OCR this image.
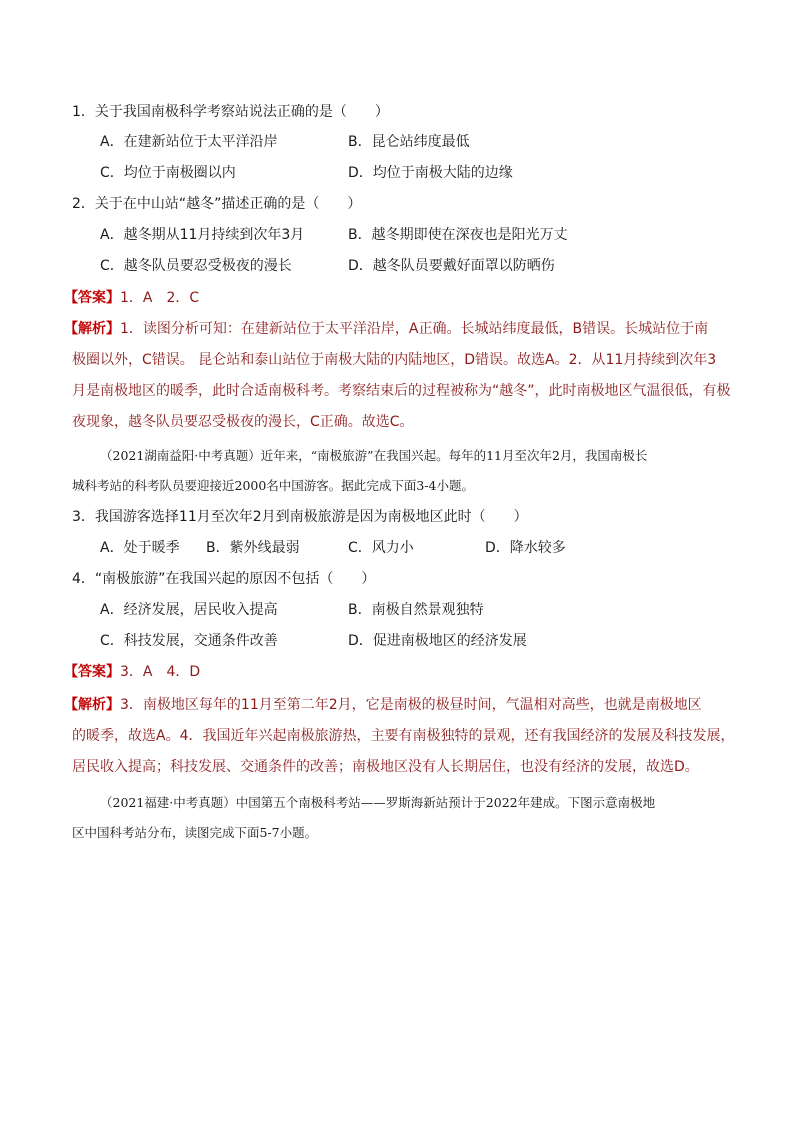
1．关于我国南极科学考察站说法正确的是（　　）
A．在建新站位于太平洋沿岸	B．昆仑站纬度最低
C．均位于南极圈以内	D．均位于南极大陆的边缘
2．关于在中山站“越冬”描述正确的是（　　）
A．越冬期从11月持续到次年3月	B．越冬期即使在深夜也是阳光万丈
C．越冬队员要忍受极夜的漫长	D．越冬队员要戴好面罩以防晒伤
【答案】1．A　2．C
【解析】1．读图分析可知：在建新站位于太平洋沿岸，A正确。长城站纬度最低，B错误。长城站位于南
极圈以外，C错误。 昆仑站和泰山站位于南极大陆的内陆地区，D错误。故选A。2．从11月持续到次年3
月是南极地区的暖季，此时合适南极科考。考察结束后的过程被称为“越冬”，此时南极地区气温很低，有极
夜现象，越冬队员要忍受极夜的漫长，C正确。故选C。
（2021湖南益阳·中考真题）近年来，“南极旅游”在我国兴起。每年的11月至次年2月，我国南极长
城科考站的科考队员要迎接近2000名中国游客。据此完成下面3-4小题。
3．我国游客选择11月至次年2月到南极旅游是因为南极地区此时（　　）
A．处于暖季 B．紫外线最弱	C．风力小	D．降水较多
4．“南极旅游”在我国兴起的原因不包括（　　）
A．经济发展，居民收入提高	B．南极自然景观独特
C．科技发展，交通条件改善	D．促进南极地区的经济发展
【答案】3．A　4．D
【解析】3．南极地区每年的11月至第二年2月，它是南极的极昼时间，气温相对高些，也就是南极地区
的暖季，故选A。4．我国近年兴起南极旅游热，主要有南极独特的景观，还有我国经济的发展及科技发展，
居民收入提高；科技发展、交通条件的改善；南极地区没有人长期居住，也没有经济的发展，故选D。
（2021福建·中考真题）中国第五个南极科考站——罗斯海新站预计于2022年建成。下图示意南极地
区中国科考站分布，读图完成下面5-7小题。
